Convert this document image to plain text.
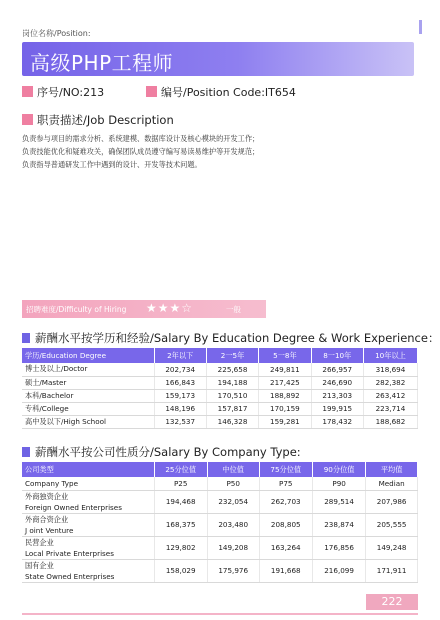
岗位名称/Position:
高级PHP工程师
序号/NO:213	编号/Position Code:IT654
职责描述/Job Description
负责参与项目的需求分析、系统建模、数据库设计及核心模块的开发工作；
负责技能优化和疑难攻关，确保团队成员遵守编写易读易维护等开发规范；
负责指导普通研发工作中遇到的设计、开发等技术问题。
招聘难度/Difficulty of Hiring ★★★☆	一般
薪酬水平按学历和经验/Salary By Education Degree & Work Experience：
学历/Education Degree	2年以下	2一5年	5一8年	8一10年	10年以上
博士及以上/Doctor	202,734	225,658	249,811	266,957	318,694
硕士/Master	166,843	194,188	217,425	246,690	282,382
本科/Bachelor	159,173	170,510	188,892	213,303	263,412
专科/College	148,196	157,817	170,159	199,915	223,714
高中及以下/High School	132,537	146,328	159,281	178,432	188,682
薪酬水平按公司性质分/Salary By Company Type:
公司类型	25分位值	中位值	75分位值	90分位值	平均值
Company Type	P25	P50	P75	P90	Median

外商独资企业
Foreign Owned Enterprises	194,468	232,054	262,703	289,514	207,986

外商合资企业
J oint Venture	168,375	203,480	208,805	238,874	205,555

民营企业
Local Private Enterprises	129,802	149,208	163,264	176,856	149,248

国有企业
State Owned Enterprises	158,029	175,976	191,668	216,099	171,911
222
